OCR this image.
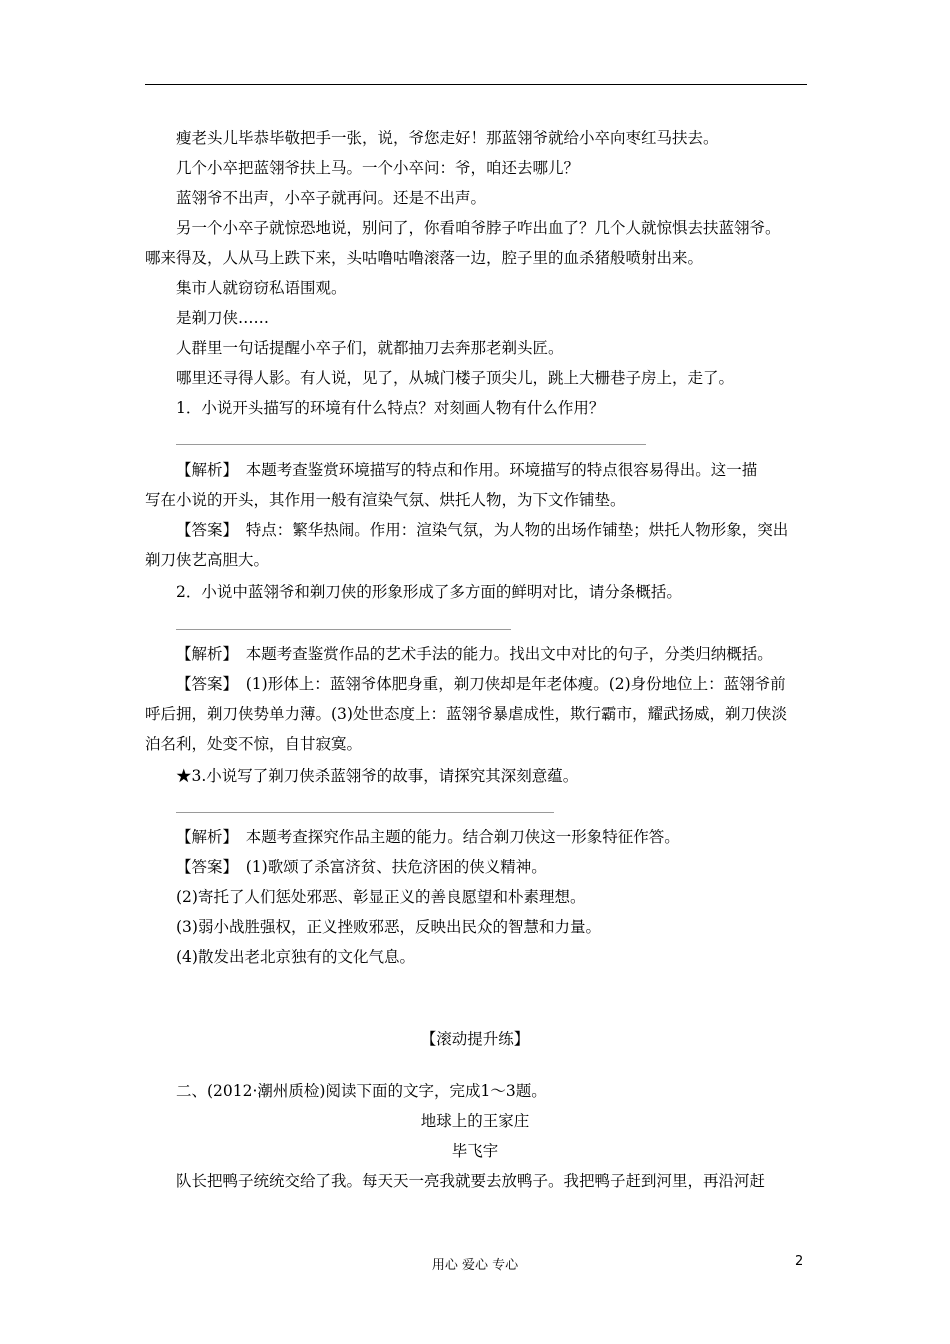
瘦老头儿毕恭毕敬把手一张，说，爷您走好！那蓝翎爷就给小卒向枣红马扶去。
几个小卒把蓝翎爷扶上马。一个小卒问：爷，咱还去哪儿？
蓝翎爷不出声，小卒子就再问。还是不出声。
另一个小卒子就惊恐地说，别问了，你看咱爷脖子咋出血了？几个人就惊惧去扶蓝翎爷。
哪来得及，人从马上跌下来，头咕噜咕噜滚落一边，腔子里的血杀猪般喷射出来。
集市人就窃窃私语围观。
是剃刀侠……
人群里一句话提醒小卒子们，就都抽刀去奔那老剃头匠。
哪里还寻得人影。有人说，见了，从城门楼子顶尖儿，跳上大栅巷子房上，走了。
1．小说开头描写的环境有什么特点？对刻画人物有什么作用？
【解析】　本题考查鉴赏环境描写的特点和作用。环境描写的特点很容易得出。这一描
写在小说的开头，其作用一般有渲染气氛、烘托人物，为下文作铺垫。
【答案】　特点：繁华热闹。作用：渲染气氛，为人物的出场作铺垫；烘托人物形象，突出
剃刀侠艺高胆大。
2．小说中蓝翎爷和剃刀侠的形象形成了多方面的鲜明对比，请分条概括。
【解析】　本题考查鉴赏作品的艺术手法的能力。找出文中对比的句子，分类归纳概括。
【答案】　(1)形体上：蓝翎爷体肥身重，剃刀侠却是年老体瘦。(2)身份地位上：蓝翎爷前
呼后拥，剃刀侠势单力薄。(3)处世态度上：蓝翎爷暴虐成性，欺行霸市，耀武扬威，剃刀侠淡
泊名利，处变不惊，自甘寂寞。
★3.小说写了剃刀侠杀蓝翎爷的故事，请探究其深刻意蕴。
【解析】　本题考查探究作品主题的能力。结合剃刀侠这一形象特征作答。
【答案】　(1)歌颂了杀富济贫、扶危济困的侠义精神。
(2)寄托了人们惩处邪恶、彰显正义的善良愿望和朴素理想。
(3)弱小战胜强权，正义挫败邪恶，反映出民众的智慧和力量。
(4)散发出老北京独有的文化气息。
【滚动提升练】
二、(2012·潮州质检)阅读下面的文字，完成1～3题。
地球上的王家庄
毕飞宇
队长把鸭子统统交给了我。每天天一亮我就要去放鸭子。我把鸭子赶到河里，再沿河赶
用心 爱心 专心	2
